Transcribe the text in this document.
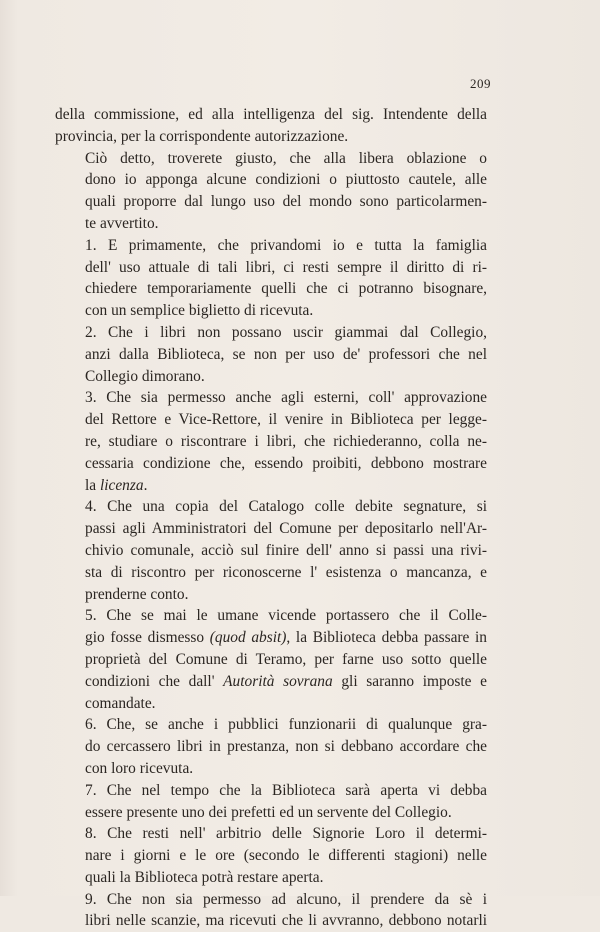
209
della commissione, ed alla intelligenza del sig. Intendente della
provincia, per la corrispondente autorizzazione.
Ciò detto, troverete giusto, che alla libera oblazione o
dono io apponga alcune condizioni o piuttosto cautele, alle
quali proporre dal lungo uso del mondo sono particolarmen-
te avvertito.
1. E primamente, che privandomi io e tutta la famiglia
dell' uso attuale di tali libri, ci resti sempre il diritto di ri-
chiedere temporariamente quelli che ci potranno bisognare,
con un semplice biglietto di ricevuta.
2. Che i libri non possano uscir giammai dal Collegio,
anzi dalla Biblioteca, se non per uso de' professori che nel
Collegio dimorano.
3. Che sia permesso anche agli esterni, coll' approvazione
del Rettore e Vice-Rettore, il venire in Biblioteca per legge-
re, studiare o riscontrare i libri, che richiederanno, colla ne-
cessaria condizione che, essendo proibiti, debbono mostrare
la licenza.
4. Che una copia del Catalogo colle debite segnature, si
passi agli Amministratori del Comune per depositarlo nell'Ar-
chivio comunale, acciò sul finire dell' anno si passi una rivi-
sta di riscontro per riconoscerne l' esistenza o mancanza, e
prenderne conto.
5. Che se mai le umane vicende portassero che il Colle-
gio fosse dismesso (quod absit), la Biblioteca debba passare in
proprietà del Comune di Teramo, per farne uso sotto quelle
condizioni che dall' Autorità sovrana gli saranno imposte e
comandate.
6. Che, se anche i pubblici funzionarii di qualunque gra-
do cercassero libri in prestanza, non si debbano accordare che
con loro ricevuta.
7. Che nel tempo che la Biblioteca sarà aperta vi debba
essere presente uno dei prefetti ed un servente del Collegio.
8. Che resti nell' arbitrio delle Signorie Loro il determi-
nare i giorni e le ore (secondo le differenti stagioni) nelle
quali la Biblioteca potrà restare aperta.
9. Che non sia permesso ad alcuno, il prendere da sè i
libri nelle scanzie, ma ricevuti che li avvranno, debbono notarli
